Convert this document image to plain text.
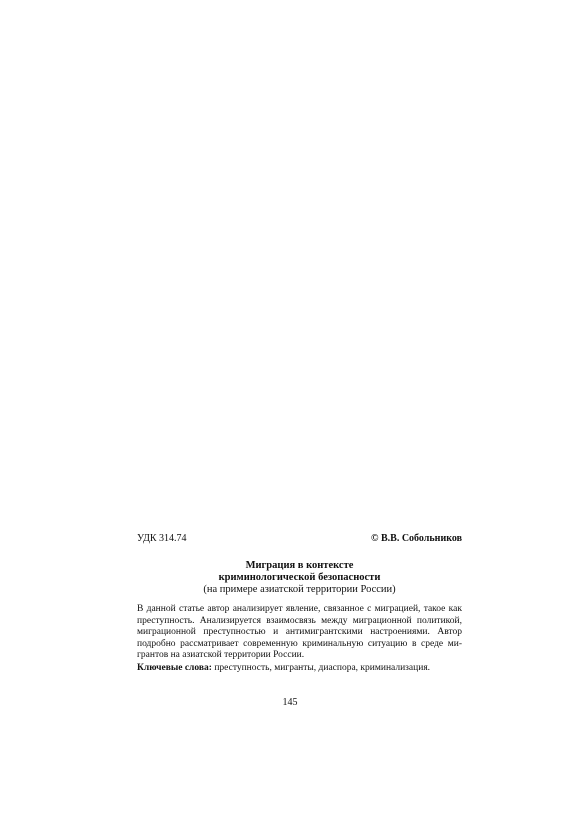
УДК 314.74	© В.В. Собольников
Миграция в контексте
криминологической безопасности
(на примере азиатской территории России)
В данной статье автор анализирует явление, связанное с миграцией, такое как
преступность. Анализируется взаимосвязь между миграционной политикой,
миграционной преступностью и антимигрантскими настроениями. Автор
подробно рассматривает современную криминальную ситуацию в среде ми-
грантов на азиатской территории России.
Ключевые слова: преступность, мигранты, диаспора, криминализация.
145
